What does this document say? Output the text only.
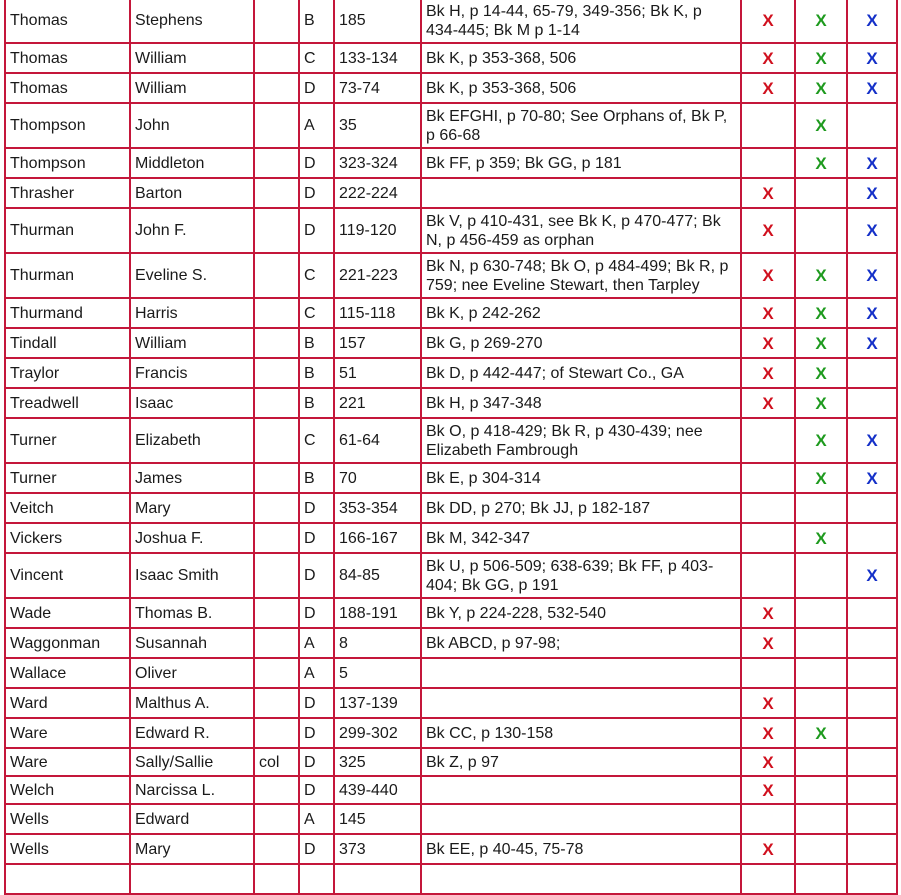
Thomas	Stephens		B	185	Bk H, p 14-44, 65-79, 349-356; Bk K, p 434-445; Bk M p 1-14	X	X	X
Thomas	William		C	133-134	Bk K, p 353-368, 506	X	X	X
Thomas	William		D	73-74	Bk K, p 353-368, 506	X	X	X
Thompson	John		A	35	Bk EFGHI, p 70-80; See Orphans of, Bk P, p 66-68		X	
Thompson	Middleton		D	323-324	Bk FF, p 359; Bk GG, p 181		X	X
Thrasher	Barton		D	222-224		X		X
Thurman	John F.		D	119-120	Bk V, p 410-431, see Bk K, p 470-477; Bk N, p 456-459 as orphan	X		X
Thurman	Eveline S.		C	221-223	Bk N, p 630-748; Bk O, p 484-499; Bk R, p 759; nee Eveline Stewart, then Tarpley	X	X	X
Thurmand	Harris		C	115-118	Bk K, p 242-262	X	X	X
Tindall	William		B	157	Bk G, p 269-270	X	X	X
Traylor	Francis		B	51	Bk D, p 442-447; of Stewart Co., GA	X	X	
Treadwell	Isaac		B	221	Bk H, p 347-348	X	X	
Turner	Elizabeth		C	61-64	Bk O, p 418-429; Bk R, p 430-439; nee Elizabeth Fambrough		X	X
Turner	James		B	70	Bk E, p 304-314		X	X
Veitch	Mary		D	353-354	Bk DD, p 270; Bk JJ, p 182-187			
Vickers	Joshua F.		D	166-167	Bk M, 342-347		X	
Vincent	Isaac Smith		D	84-85	Bk U, p 506-509; 638-639; Bk FF, p 403-404; Bk GG, p 191			X
Wade	Thomas B.		D	188-191	Bk Y, p 224-228, 532-540	X		
Waggonman	Susannah		A	8	Bk ABCD, p 97-98;	X		
Wallace	Oliver		A	5				
Ward	Malthus A.		D	137-139		X		
Ware	Edward R.		D	299-302	Bk CC, p 130-158	X	X	
Ware	Sally/Sallie	col	D	325	Bk Z, p 97	X		
Welch	Narcissa L.		D	439-440		X		
Wells	Edward		A	145				
Wells	Mary		D	373	Bk EE, p 40-45, 75-78	X		
